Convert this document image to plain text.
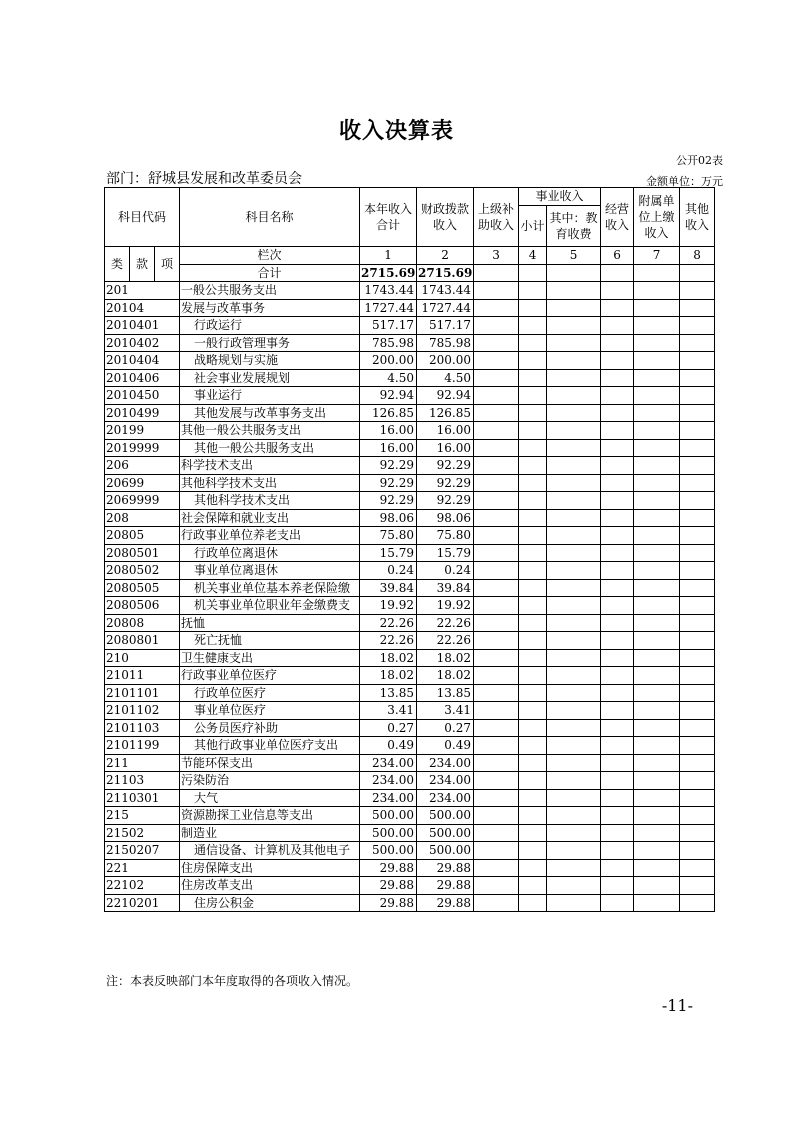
收入决算表
公开02表
部门：舒城县发展和改革委员会	金额单位：万元
科目代码			科目名称	本年收入合计	财政拨款收入	上级补助收入	事业收入		经营收入	附属单位上缴收入	其他收入
							小计	其中：教育收费			

类	款	项	栏次	1	2	3	4	5	6	7	8
			合计	2715.69	2715.69						
201			一般公共服务支出	1743.44	1743.44						
20104			发展与改革事务	1727.44	1727.44						
2010401			行政运行	517.17	517.17						
2010402			一般行政管理事务	785.98	785.98						
2010404			战略规划与实施	200.00	200.00						
2010406			社会事业发展规划	4.50	4.50						
2010450			事业运行	92.94	92.94						
2010499			其他发展与改革事务支出	126.85	126.85						
20199			其他一般公共服务支出	16.00	16.00						
2019999			其他一般公共服务支出	16.00	16.00						
206			科学技术支出	92.29	92.29						
20699			其他科学技术支出	92.29	92.29						
2069999			其他科学技术支出	92.29	92.29						
208			社会保障和就业支出	98.06	98.06						
20805			行政事业单位养老支出	75.80	75.80						
2080501			行政单位离退休	15.79	15.79						
2080502			事业单位离退休	0.24	0.24						
2080505			机关事业单位基本养老保险缴	39.84	39.84						
2080506			机关事业单位职业年金缴费支	19.92	19.92						
20808			抚恤	22.26	22.26						
2080801			死亡抚恤	22.26	22.26						
210			卫生健康支出	18.02	18.02						
21011			行政事业单位医疗	18.02	18.02						
2101101			行政单位医疗	13.85	13.85						
2101102			事业单位医疗	3.41	3.41						
2101103			公务员医疗补助	0.27	0.27						
2101199			其他行政事业单位医疗支出	0.49	0.49						
211			节能环保支出	234.00	234.00						
21103			污染防治	234.00	234.00						
2110301			大气	234.00	234.00						
215			资源勘探工业信息等支出	500.00	500.00						
21502			制造业	500.00	500.00						
2150207			通信设备、计算机及其他电子	500.00	500.00						
221			住房保障支出	29.88	29.88						
22102			住房改革支出	29.88	29.88						
2210201			住房公积金	29.88	29.88						
注：本表反映部门本年度取得的各项收入情况。
-11-
